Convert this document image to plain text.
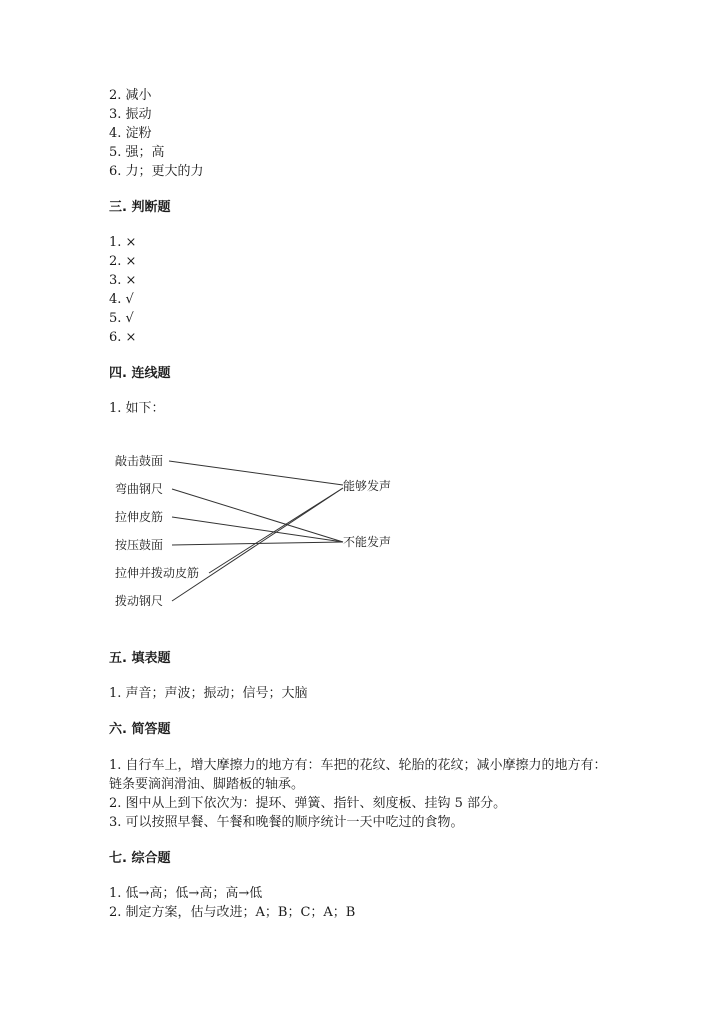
2. 减小
3. 振动
4. 淀粉
5. 强；高
6. 力；更大的力
三. 判断题
1. ×
2. ×
3. ×
4. √
5. √
6. ×
四. 连线题
1. 如下：
敲击鼓面
弯曲钢尺
拉伸皮筋
按压鼓面
拉伸并拨动皮筋
拨动钢尺
能够发声
不能发声
五. 填表题
1. 声音；声波；振动；信号；大脑
六. 简答题
1. 自行车上，增大摩擦力的地方有：车把的花纹、轮胎的花纹；减小摩擦力的地方有：链条要滴润滑油、脚踏板的轴承。
2. 图中从上到下依次为：提环、弹簧、指针、刻度板、挂钩 5 部分。
3. 可以按照早餐、午餐和晚餐的顺序统计一天中吃过的食物。
七. 综合题
1. 低→高；低→高；高→低
2. 制定方案，估与改进；A；B；C；A；B
